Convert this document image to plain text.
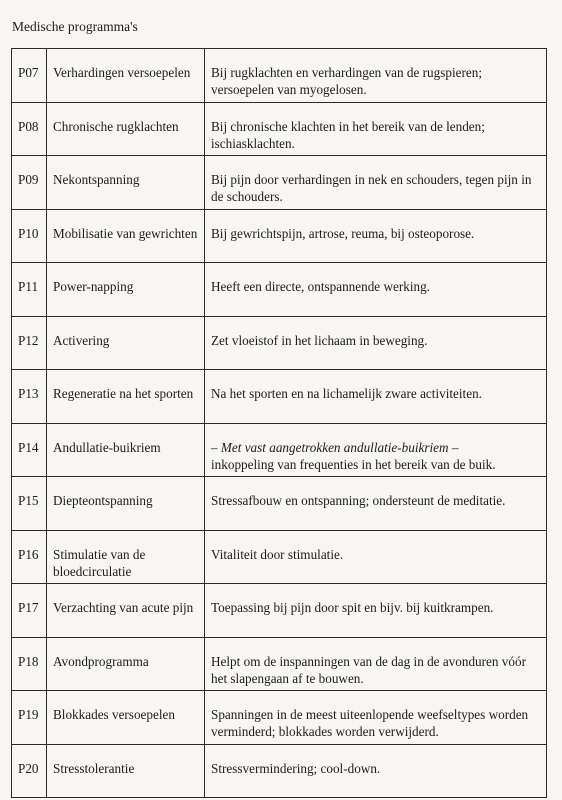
Medische programma's
P07	Verhardingen versoepelen	Bij rugklachten en verhardingen van de rugspieren; versoepelen van myogelosen.
P08	Chronische rugklachten	Bij chronische klachten in het bereik van de lenden; ischiasklachten.
P09	Nekontspanning	Bij pijn door verhardingen in nek en schouders, tegen pijn in de schouders.
P10	Mobilisatie van gewrichten	Bij gewrichtspijn, artrose, reuma, bij osteoporose.
P11	Power-napping	Heeft een directe, ontspannende werking.
P12	Activering	Zet vloeistof in het lichaam in beweging.
P13	Regeneratie na het sporten	Na het sporten en na lichamelijk zware activiteiten.
P14	Andullatie-buikriem	– Met vast aangetrokken andullatie-buikriem –
inkoppeling van frequenties in het bereik van de buik.
P15	Diepteontspanning	Stressafbouw en ontspanning; ondersteunt de meditatie.
P16	Stimulatie van de bloedcirculatie	Vitaliteit door stimulatie.
P17	Verzachting van acute pijn	Toepassing bij pijn door spit en bijv. bij kuitkrampen.
P18	Avondprogramma	Helpt om de inspanningen van de dag in de avonduren vóór het slapengaan af te bouwen.
P19	Blokkades versoepelen	Spanningen in de meest uiteenlopende weefseltypes worden verminderd; blokkades worden verwijderd.
P20	Stresstolerantie	Stressvermindering; cool-down.
